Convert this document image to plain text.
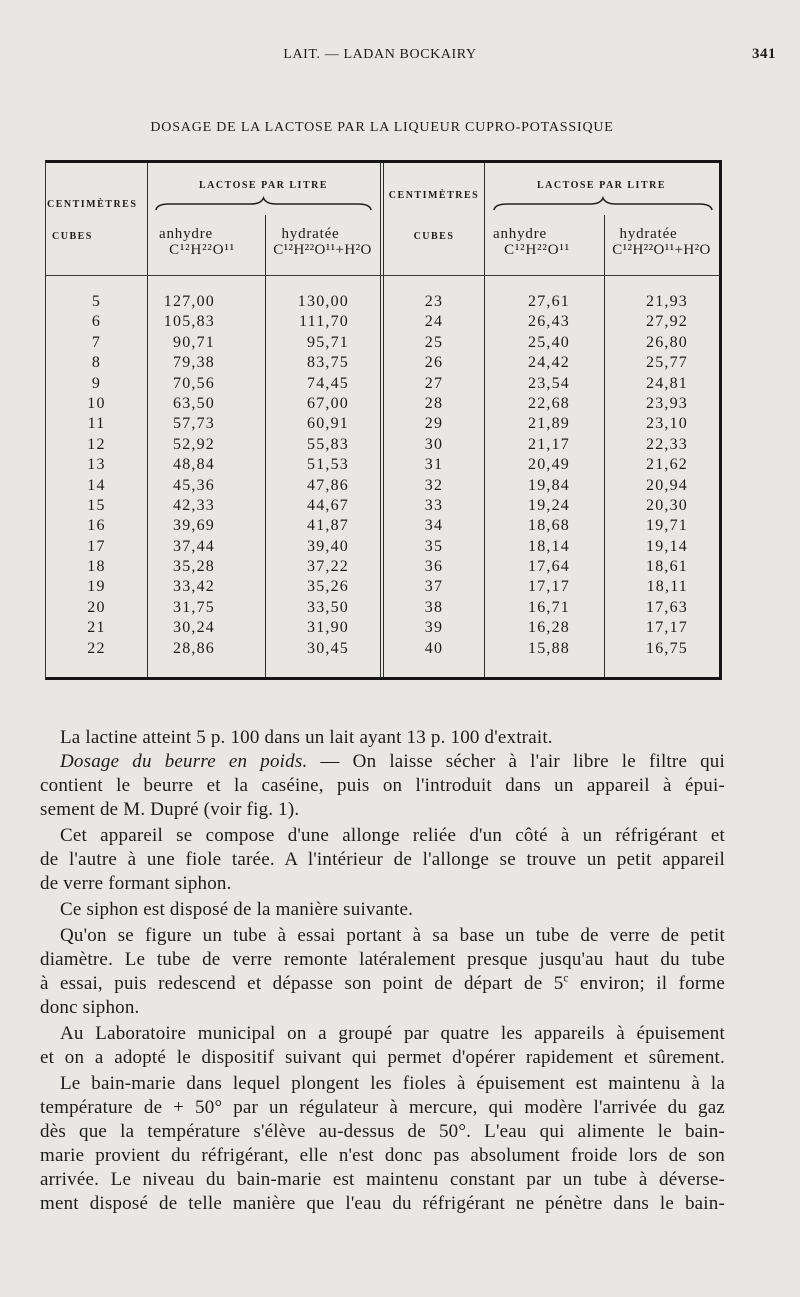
LAIT. — LADAN BOCKAIRY	341
DOSAGE DE LA LACTOSE PAR LA LIQUEUR CUPRO-POTASSIQUE
CENTIMÈTRES
CUBES
LACTOSE PAR LITRE
anhydre
C¹²H²²O¹¹
hydratée
C¹²H²²O¹¹+H²O
CENTIMÈTRES
CUBES
LACTOSE PAR LITRE
anhydre
C¹²H²²O¹¹
hydratée
C¹²H²²O¹¹+H²O
5	127,00	130,00	23	27,61	21,93
6	105,83	111,70	24	26,43	27,92
7	90,71	95,71	25	25,40	26,80
8	79,38	83,75	26	24,42	25,77
9	70,56	74,45	27	23,54	24,81
10	63,50	67,00	28	22,68	23,93
11	57,73	60,91	29	21,89	23,10
12	52,92	55,83	30	21,17	22,33
13	48,84	51,53	31	20,49	21,62
14	45,36	47,86	32	19,84	20,94
15	42,33	44,67	33	19,24	20,30
16	39,69	41,87	34	18,68	19,71
17	37,44	39,40	35	18,14	19,14
18	35,28	37,22	36	17,64	18,61
19	33,42	35,26	37	17,17	18,11
20	31,75	33,50	38	16,71	17,63
21	30,24	31,90	39	16,28	17,17
22	28,86	30,45	40	15,88	16,75
La lactine atteint 5 p. 100 dans un lait ayant 13 p. 100 d'extrait.
Dosage du beurre en poids. — On laisse sécher à l'air libre le filtre qui
contient le beurre et la caséine, puis on l'introduit dans un appareil à épui-
sement de M. Dupré (voir fig. 1).
Cet appareil se compose d'une allonge reliée d'un côté à un réfrigérant et
de l'autre à une fiole tarée. A l'intérieur de l'allonge se trouve un petit appareil
de verre formant siphon.
Ce siphon est disposé de la manière suivante.
Qu'on se figure un tube à essai portant à sa base un tube de verre de petit
diamètre. Le tube de verre remonte latéralement presque jusqu'au haut du tube
à essai, puis redescend et dépasse son point de départ de 5$^c$ environ; il forme
donc siphon.
Au Laboratoire municipal on a groupé par quatre les appareils à épuisement
et on a adopté le dispositif suivant qui permet d'opérer rapidement et sûrement.
Le bain-marie dans lequel plongent les fioles à épuisement est maintenu à la
température de + 50° par un régulateur à mercure, qui modère l'arrivée du gaz
dès que la température s'élève au-dessus de 50°. L'eau qui alimente le bain-
marie provient du réfrigérant, elle n'est donc pas absolument froide lors de son
arrivée. Le niveau du bain-marie est maintenu constant par un tube à déverse-
ment disposé de telle manière que l'eau du réfrigérant ne pénètre dans le bain-
